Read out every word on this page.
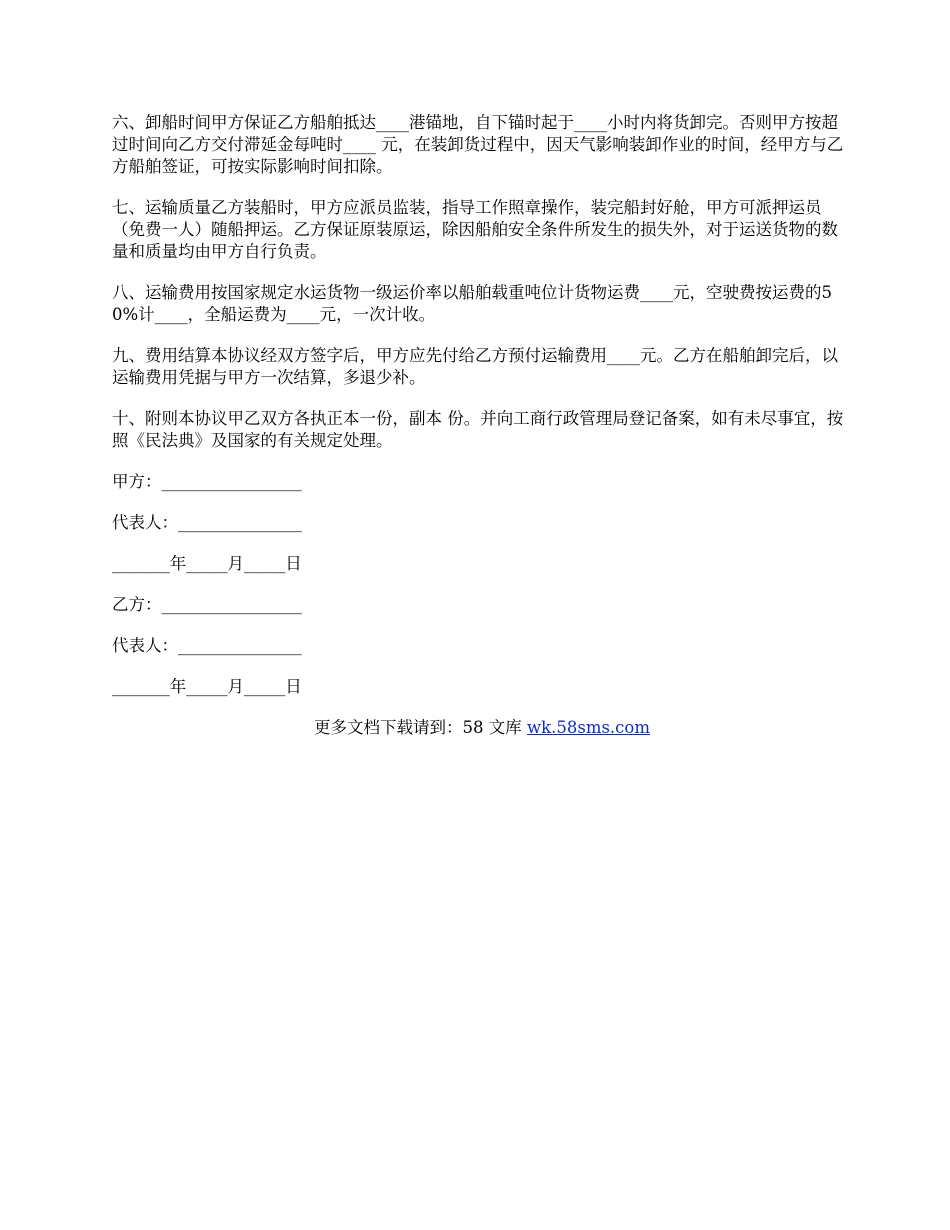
六、卸船时间甲方保证乙方船舶抵达____港锚地，自下锚时起于____小时内将货卸完。否则甲方按超过时间向乙方交付滞延金每吨时____ 元，在装卸货过程中，因天气影响装卸作业的时间，经甲方与乙方船舶签证，可按实际影响时间扣除。

七、运输质量乙方装船时，甲方应派员监装，指导工作照章操作，装完船封好舱，甲方可派押运员（免费一人）随船押运。乙方保证原装原运，除因船舶安全条件所发生的损失外，对于运送货物的数量和质量均由甲方自行负责。

八、运输费用按国家规定水运货物一级运价率以船舶载重吨位计货物运费____元，空驶费按运费的50%计____，全船运费为____元，一次计收。

九、费用结算本协议经双方签字后，甲方应先付给乙方预付运输费用____元。乙方在船舶卸完后，以运输费用凭据与甲方一次结算，多退少补。

十、附则本协议甲乙双方各执正本一份，副本 份。并向工商行政管理局登记备案，如有未尽事宜，按照《民法典》及国家的有关规定处理。

甲方：_________________
代表人：_______________
_______年_____月_____日
乙方：_________________
代表人：_______________
_______年_____月_____日
更多文档下载请到：58 文库 wk.58sms.com
